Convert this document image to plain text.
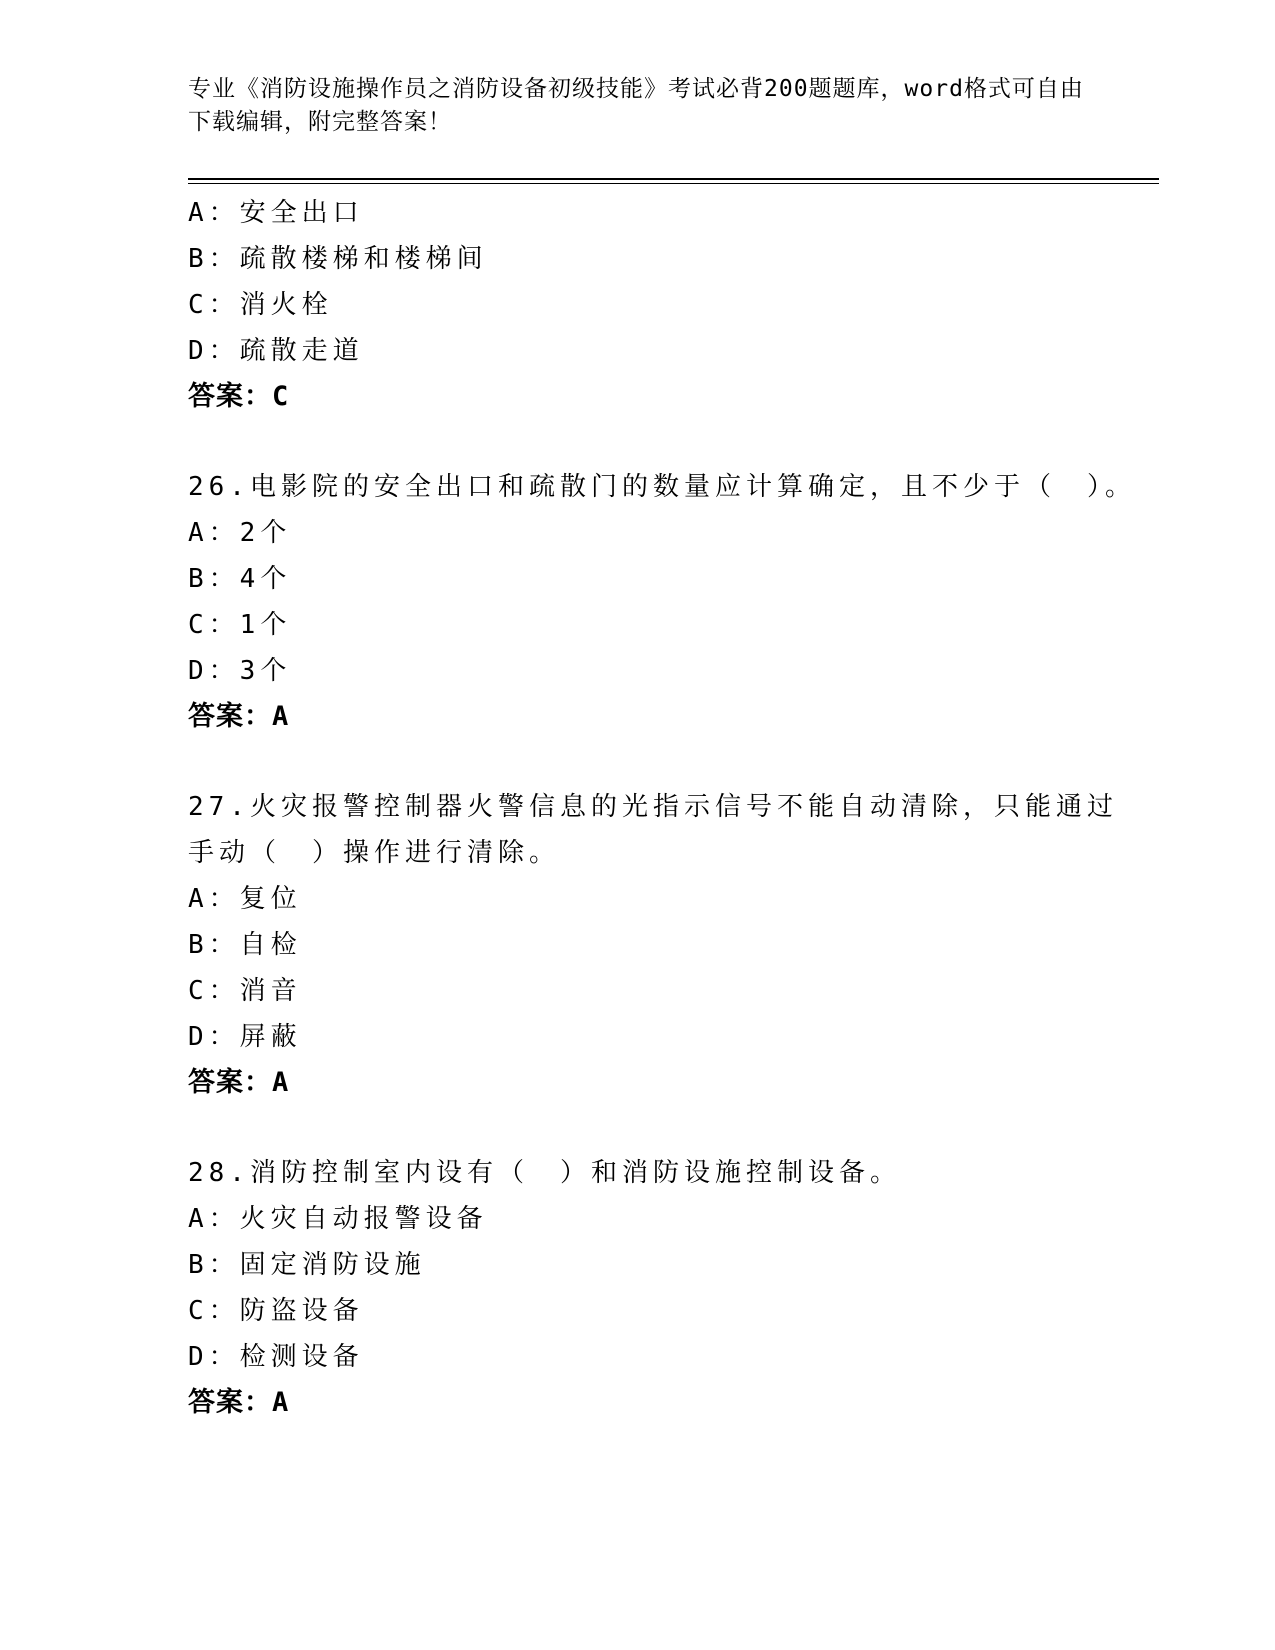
专业《消防设施操作员之消防设备初级技能》考试必背200题题库，word格式可自由下载编辑，附完整答案！
A：安全出口
B：疏散楼梯和楼梯间
C：消火栓
D：疏散走道
答案：C
26.电影院的安全出口和疏散门的数量应计算确定，且不少于（　）。
A：2个
B：4个
C：1个
D：3个
答案：A
27.火灾报警控制器火警信息的光指示信号不能自动清除，只能通过手动（　）操作进行清除。
A：复位
B：自检
C：消音
D：屏蔽
答案：A
28.消防控制室内设有（　）和消防设施控制设备。
A：火灾自动报警设备
B：固定消防设施
C：防盗设备
D：检测设备
答案：A
